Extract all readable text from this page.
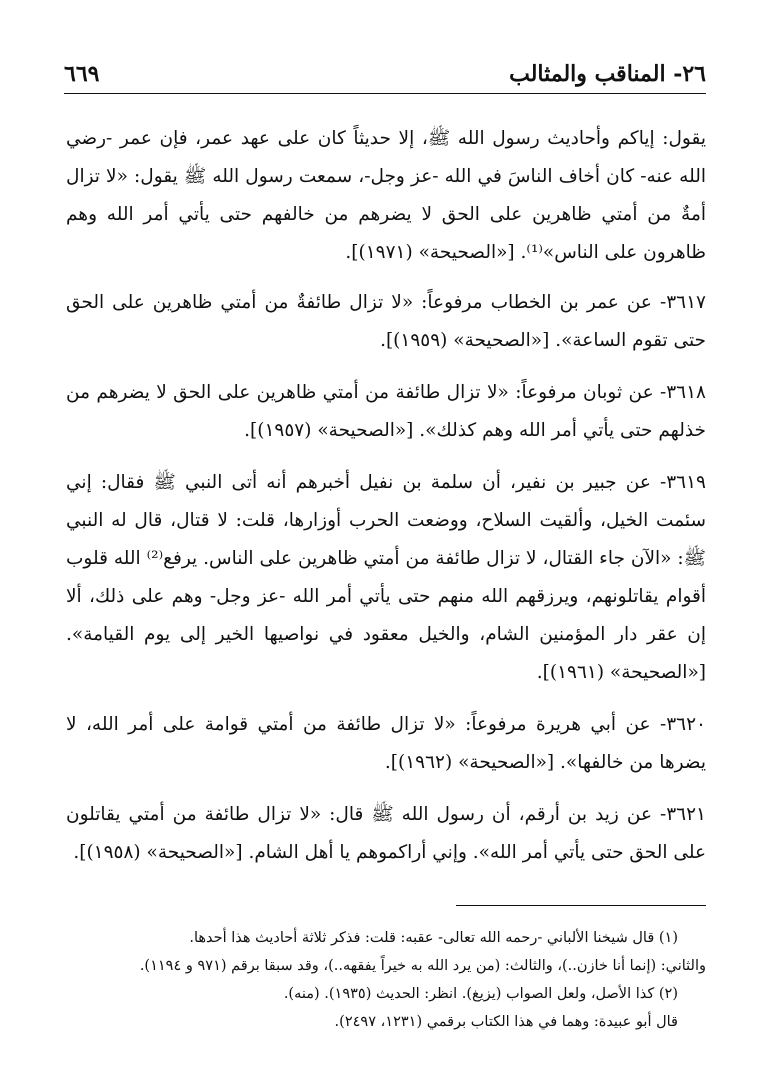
٢٦- المناقب والمثالب
٦٦٩

يقول: إياكم وأحاديث رسول الله ﷺ، إلا حديثاً كان على عهد عمر، فإن عمر -رضي الله عنه- كان أخاف الناسَ في الله -عز وجل-، سمعت رسول الله ﷺ يقول: «لا تزال أمةٌ من أمتي ظاهرين على الحق لا يضرهم من خالفهم حتى يأتي أمر الله وهم ظاهرون على الناس»⁽¹⁾. [«الصحيحة» (١٩٧١)].

٣٦١٧- عن عمر بن الخطاب مرفوعاً: «لا تزال طائفةٌ من أمتي ظاهرين على الحق حتى تقوم الساعة». [«الصحيحة» (١٩٥٩)].

٣٦١٨- عن ثوبان مرفوعاً: «لا تزال طائفة من أمتي ظاهرين على الحق لا يضرهم من خذلهم حتى يأتي أمر الله وهم كذلك». [«الصحيحة» (١٩٥٧)].

٣٦١٩- عن جبير بن نفير، أن سلمة بن نفيل أخبرهم أنه أتى النبي ﷺ فقال: إني سئمت الخيل، وألقيت السلاح، ووضعت الحرب أوزارها، قلت: لا قتال، قال له النبي ﷺ: «الآن جاء القتال، لا تزال طائفة من أمتي ظاهرين على الناس. يرفع⁽²⁾ الله قلوب أقوام يقاتلونهم، ويرزقهم الله منهم حتى يأتي أمر الله -عز وجل- وهم على ذلك، ألا إن عقر دار المؤمنين الشام، والخيل معقود في نواصيها الخير إلى يوم القيامة». [«الصحيحة» (١٩٦١)].

٣٦٢٠- عن أبي هريرة مرفوعاً: «لا تزال طائفة من أمتي قوامة على أمر الله، لا يضرها من خالفها». [«الصحيحة» (١٩٦٢)].

٣٦٢١- عن زيد بن أرقم، أن رسول الله ﷺ قال: «لا تزال طائفة من أمتي يقاتلون على الحق حتى يأتي أمر الله». وإني أراكموهم يا أهل الشام. [«الصحيحة» (١٩٥٨)].

(١) قال شيخنا الألباني -رحمه الله تعالى- عقبه: قلت: فذكر ثلاثة أحاديث هذا أحدها.

والثاني: (إنما أنا خازن..)، والثالث: (من يرد الله به خيراً يفقهه..)، وقد سبقا برقم (٩٧١ و ١١٩٤).

(٢) كذا الأصل، ولعل الصواب (يزيغ). انظر: الحديث (١٩٣٥). (منه).

قال أبو عبيدة: وهما في هذا الكتاب برقمي (١٢٣١، ٢٤٩٧).
